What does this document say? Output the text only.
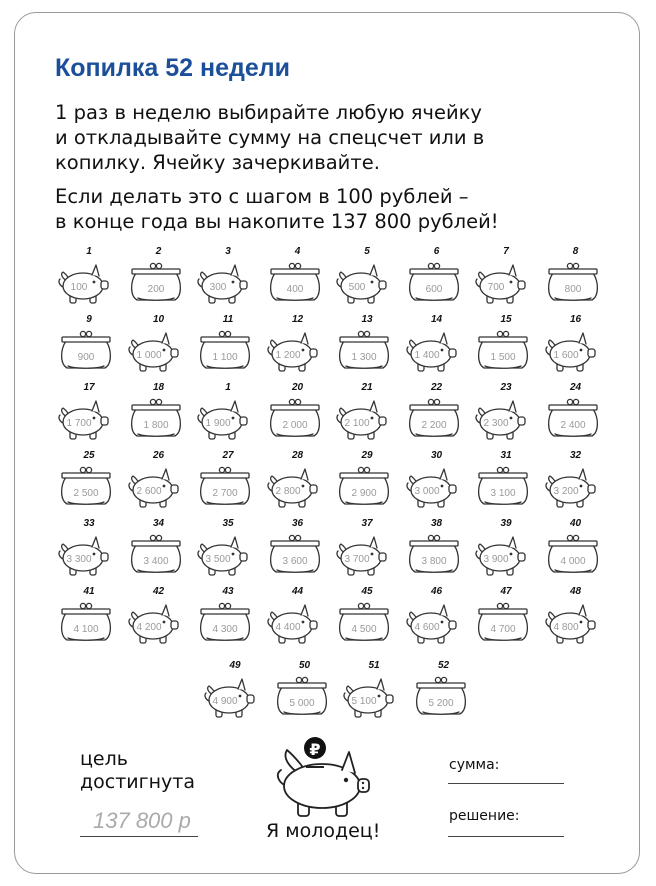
Копилка 52 недели

1 раз в неделю выбирайте любую ячейку
и откладывайте сумму на спецсчет или в
копилку. Ячейку зачеркивайте.

Если делать это с шагом в 100 рублей –
в конце года вы накопите 137 800 рублей!

1
100
2
200
3
300
4
400
5
500
6
600
7
700
8
800
9
900
10
1 000
11
1 100
12
1 200
13
1 300
14
1 400
15
1 500
16
1 600
17
1 700
18
1 800
1
1 900
20
2 000
21
2 100
22
2 200
23
2 300
24
2 400
25
2 500
26
2 600
27
2 700
28
2 800
29
2 900
30
3 000
31
3 100
32
3 200
33
3 300
34
3 400
35
3 500
36
3 600
37
3 700
38
3 800
39
3 900
40
4 000
41
4 100
42
4 200
43
4 300
44
4 400
45
4 500
46
4 600
47
4 700
48
4 800
49
4 900
50
5 000
51
5 100
52
5 200

цель
достигнута

137 800 р
₽
Я молодец!
сумма:
решение:
